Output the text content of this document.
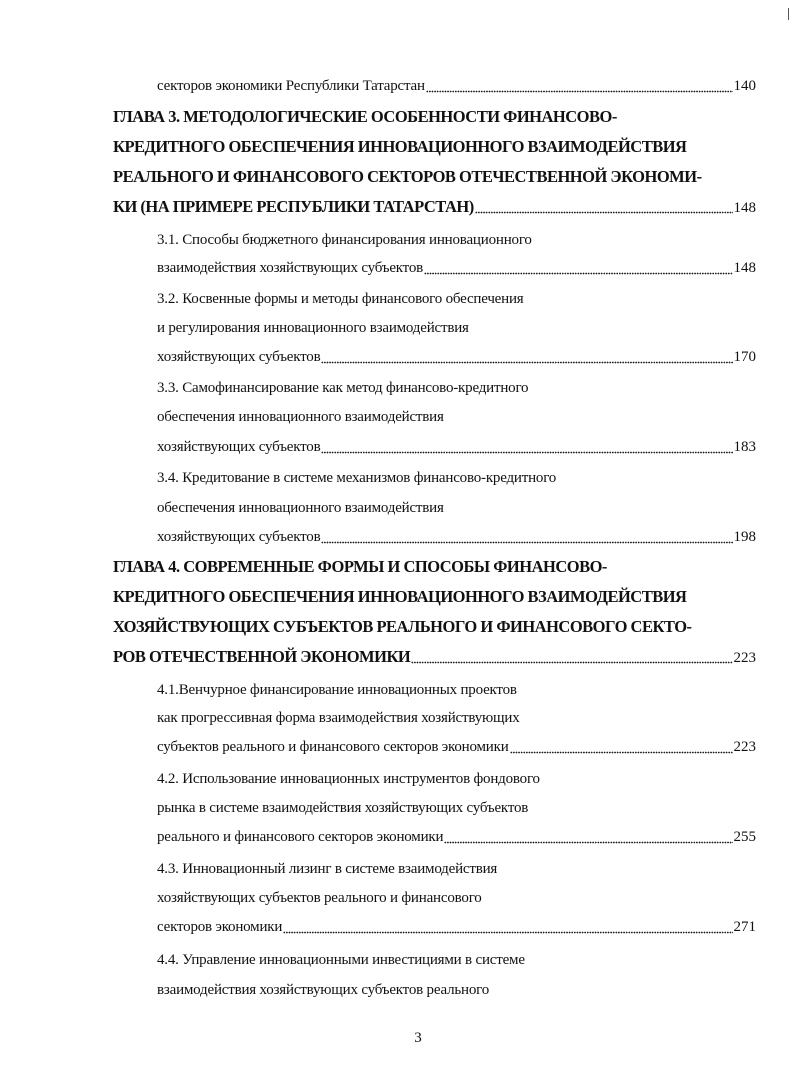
секторов экономики Республики Татарстан	140
ГЛАВА 3. МЕТОДОЛОГИЧЕСКИЕ ОСОБЕННОСТИ ФИНАНСОВО-
КРЕДИТНОГО ОБЕСПЕЧЕНИЯ ИННОВАЦИОННОГО ВЗАИМОДЕЙСТВИЯ
РЕАЛЬНОГО И ФИНАНСОВОГО СЕКТОРОВ ОТЕЧЕСТВЕННОЙ ЭКОНОМИ-
КИ (НА ПРИМЕРЕ РЕСПУБЛИКИ ТАТАРСТАН)	148
3.1. Способы бюджетного финансирования инновационного
взаимодействия хозяйствующих субъектов	148
3.2. Косвенные формы и методы финансового обеспечения
и регулирования инновационного взаимодействия
хозяйствующих субъектов	170
3.3. Самофинансирование как метод финансово-кредитного
обеспечения инновационного взаимодействия
хозяйствующих субъектов	183
3.4. Кредитование в системе механизмов финансово-кредитного
обеспечения инновационного взаимодействия
хозяйствующих субъектов	198
ГЛАВА 4. СОВРЕМЕННЫЕ ФОРМЫ И СПОСОБЫ ФИНАНСОВО-
КРЕДИТНОГО ОБЕСПЕЧЕНИЯ ИННОВАЦИОННОГО ВЗАИМОДЕЙСТВИЯ
ХОЗЯЙСТВУЮЩИХ СУБЪЕКТОВ РЕАЛЬНОГО И ФИНАНСОВОГО СЕКТО-
РОВ ОТЕЧЕСТВЕННОЙ ЭКОНОМИКИ	223
4.1.Венчурное финансирование инновационных проектов
как прогрессивная форма взаимодействия хозяйствующих
субъектов реального и финансового секторов экономики	223
4.2. Использование инновационных инструментов фондового
рынка в системе взаимодействия хозяйствующих субъектов
реального и финансового секторов экономики	255
4.3. Инновационный лизинг в системе взаимодействия
хозяйствующих субъектов реального и финансового
секторов экономики	271
4.4. Управление инновационными инвестициями в системе
взаимодействия хозяйствующих субъектов реального
3
